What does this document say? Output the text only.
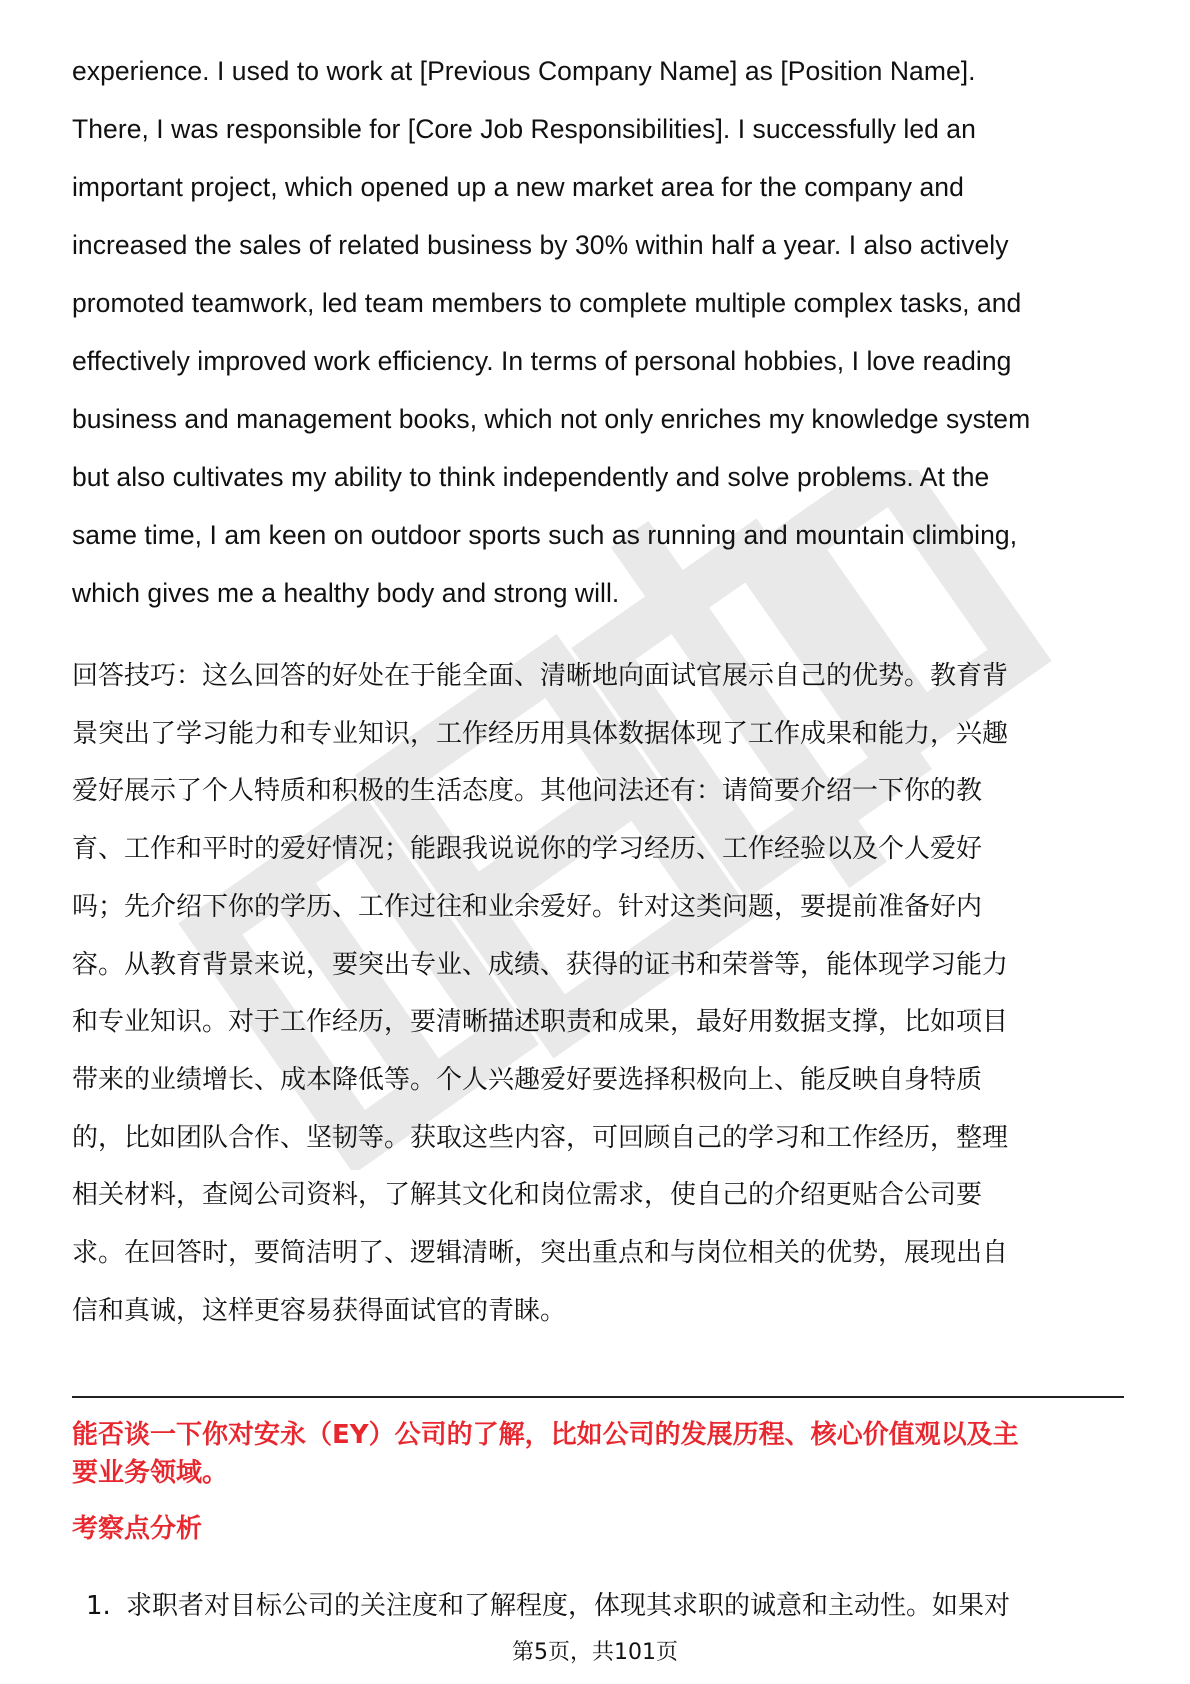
experience. I used to work at [Previous Company Name] as [Position Name].
There, I was responsible for [Core Job Responsibilities]. I successfully led an
important project, which opened up a new market area for the company and
increased the sales of related business by 30% within half a year. I also actively
promoted teamwork, led team members to complete multiple complex tasks, and
effectively improved work efficiency. In terms of personal hobbies, I love reading
business and management books, which not only enriches my knowledge system
but also cultivates my ability to think independently and solve problems. At the
same time, I am keen on outdoor sports such as running and mountain climbing,
which gives me a healthy body and strong will.

回答技巧：这么回答的好处在于能全面、清晰地向面试官展示自己的优势。教育背
景突出了学习能力和专业知识，工作经历用具体数据体现了工作成果和能力，兴趣
爱好展示了个人特质和积极的生活态度。其他问法还有：请简要介绍一下你的教
育、工作和平时的爱好情况；能跟我说说你的学习经历、工作经验以及个人爱好
吗；先介绍下你的学历、工作过往和业余爱好。针对这类问题，要提前准备好内
容。从教育背景来说，要突出专业、成绩、获得的证书和荣誉等，能体现学习能力
和专业知识。对于工作经历，要清晰描述职责和成果，最好用数据支撑，比如项目
带来的业绩增长、成本降低等。个人兴趣爱好要选择积极向上、能反映自身特质
的，比如团队合作、坚韧等。获取这些内容，可回顾自己的学习和工作经历，整理
相关材料，查阅公司资料，了解其文化和岗位需求，使自己的介绍更贴合公司要
求。在回答时，要简洁明了、逻辑清晰，突出重点和与岗位相关的优势，展现出自
信和真诚，这样更容易获得面试官的青睐。
能否谈一下你对安永（EY）公司的了解，比如公司的发展历程、核心价值观以及主
要业务领域。
考察点分析
1. 求职者对目标公司的关注度和了解程度，体现其求职的诚意和主动性。如果对
第5页，共101页
